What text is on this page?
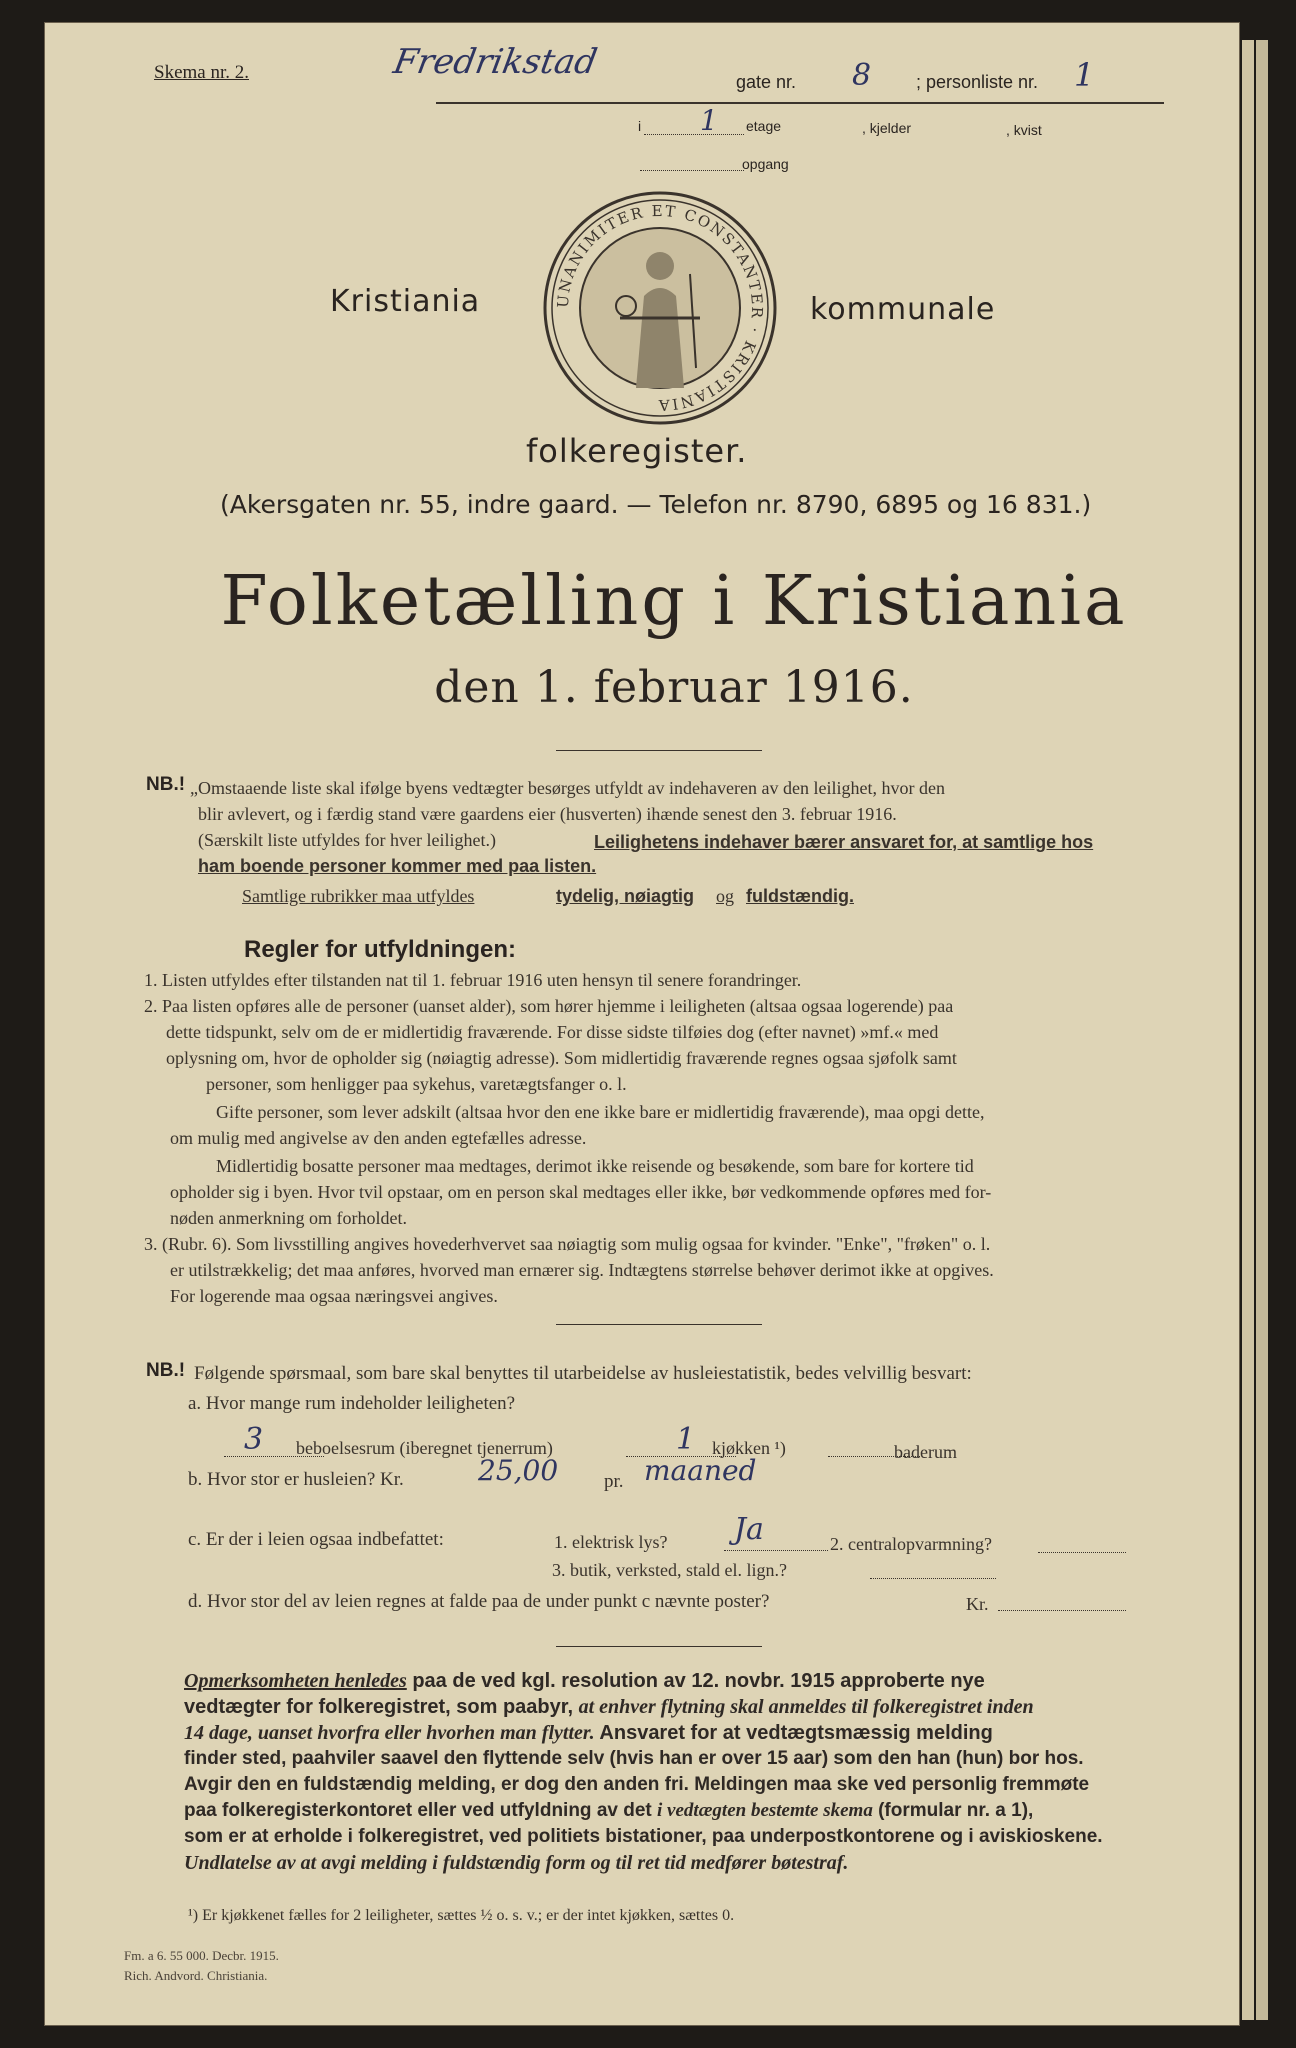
Skema nr. 2.	Fredrikstad	gate nr. 8 ; personliste nr. 1
i 1 etage	, kjelder	, kvist
opgang
UNANIMITER ET CONSTANTER · KRISTIANIA
Kristiania	kommunale
folkeregister.
(Akersgaten nr. 55, indre gaard. — Telefon nr. 8790, 6895 og 16 831.)
Folketælling i Kristiania
den 1. februar 1916.
NB.! „Omstaaende liste skal ifølge byens vedtægter besørges utfyldt av indehaveren av den leilighet, hvor den
blir avlevert, og i færdig stand være gaardens eier (husverten) ihænde senest den 3. februar 1916.
(Særskilt liste utfyldes for hver leilighet.)	Leilighetens indehaver bærer ansvaret for, at samtlige hos
ham boende personer kommer med paa listen.
Samtlige rubrikker maa utfyldes	tydelig, nøiagtig og fuldstændig.
Regler for utfyldningen:
1. Listen utfyldes efter tilstanden nat til 1. februar 1916 uten hensyn til senere forandringer.
2. Paa listen opføres alle de personer (uanset alder), som hører hjemme i leiligheten (altsaa ogsaa logerende) paa
dette tidspunkt, selv om de er midlertidig fraværende. For disse sidste tilføies dog (efter navnet) »mf.« med
oplysning om, hvor de opholder sig (nøiagtig adresse). Som midlertidig fraværende regnes ogsaa sjøfolk samt
personer, som henligger paa sykehus, varetægtsfanger o. l.
Gifte personer, som lever adskilt (altsaa hvor den ene ikke bare er midlertidig fraværende), maa opgi dette,
om mulig med angivelse av den anden egtefælles adresse.
Midlertidig bosatte personer maa medtages, derimot ikke reisende og besøkende, som bare for kortere tid
opholder sig i byen. Hvor tvil opstaar, om en person skal medtages eller ikke, bør vedkommende opføres med for-
nøden anmerkning om forholdet.
3. (Rubr. 6). Som livsstilling angives hovederhvervet saa nøiagtig som mulig ogsaa for kvinder. "Enke", "frøken" o. l.
er utilstrækkelig; det maa anføres, hvorved man ernærer sig. Indtægtens størrelse behøver derimot ikke at opgives.
For logerende maa ogsaa næringsvei angives.
NB.! Følgende spørsmaal, som bare skal benyttes til utarbeidelse av husleiestatistik, bedes velvillig besvart:
a. Hvor mange rum indeholder leiligheten?
3 beboelsesrum (iberegnet tjenerrum)	1 kjøkken ¹)	baderum
b. Hvor stor er husleien? Kr.	25,00 pr. maaned
c. Er der i leien ogsaa indbefattet:	1. elektrisk lys? Ja	2. centralopvarmning?
3. butik, verksted, stald el. lign.?
d. Hvor stor del av leien regnes at falde paa de under punkt c nævnte poster?	Kr.
Opmerksomheten henledes paa de ved kgl. resolution av 12. novbr. 1915 approberte nye
vedtægter for folkeregistret, som paabyr, at enhver flytning skal anmeldes til folkeregistret inden
14 dage, uanset hvorfra eller hvorhen man flytter. Ansvaret for at vedtægtsmæssig melding
finder sted, paahviler saavel den flyttende selv (hvis han er over 15 aar) som den han (hun) bor hos.
Avgir den en fuldstændig melding, er dog den anden fri. Meldingen maa ske ved personlig fremmøte
paa folkeregisterkontoret eller ved utfyldning av det i vedtægten bestemte skema (formular nr. a 1),
som er at erholde i folkeregistret, ved politiets bistationer, paa underpostkontorene og i aviskioskene.
Undlatelse av at avgi melding i fuldstændig form og til ret tid medfører bøtestraf.
¹) Er kjøkkenet fælles for 2 leiligheter, sættes ½ o. s. v.; er der intet kjøkken, sættes 0.
Fm. a 6. 55 000. Decbr. 1915.
Rich. Andvord. Christiania.
